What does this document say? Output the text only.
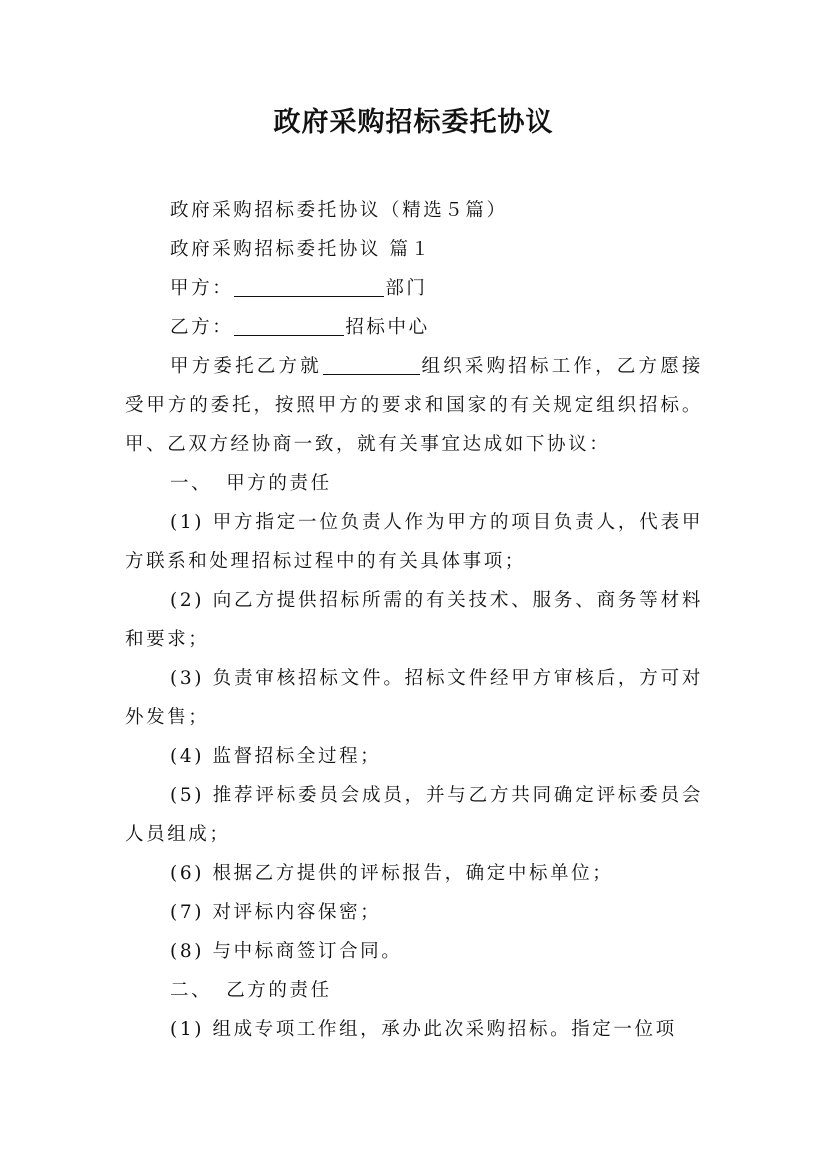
政府采购招标委托协议

政府采购招标委托协议（精选５篇）

政府采购招标委托协议 篇１

甲方：	部门

乙方：	招标中心

甲方委托乙方就	组织采购招标工作，乙方愿接受甲方的委托，按照甲方的要求和国家的有关规定组织招标。甲、乙双方经协商一致，就有关事宜达成如下协议：

一、 甲方的责任

(1) 甲方指定一位负责人作为甲方的项目负责人，代表甲方联系和处理招标过程中的有关具体事项；

(2) 向乙方提供招标所需的有关技术、服务、商务等材料和要求；

(3) 负责审核招标文件。招标文件经甲方审核后，方可对外发售；

(4) 监督招标全过程；

(5) 推荐评标委员会成员，并与乙方共同确定评标委员会人员组成；

(6) 根据乙方提供的评标报告，确定中标单位；

(7) 对评标内容保密；

(8) 与中标商签订合同。

二、 乙方的责任

(1) 组成专项工作组，承办此次采购招标。指定一位项
